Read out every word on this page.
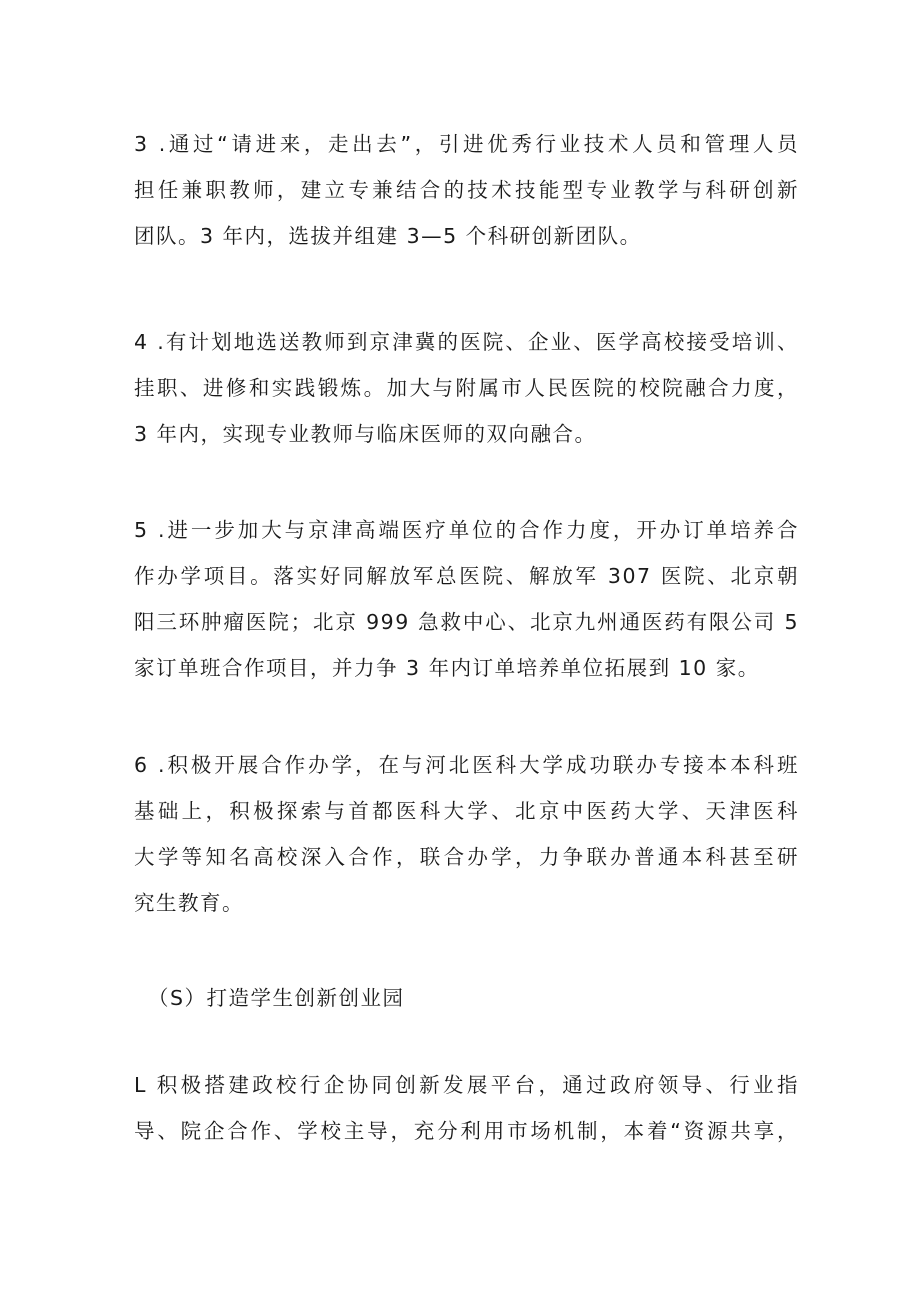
3 .通过“请进来，走出去”，引进优秀行业技术人员和管理人员
担任兼职教师，建立专兼结合的技术技能型专业教学与科研创新
团队。3 年内，选拔并组建 3—5 个科研创新团队。

4 .有计划地选送教师到京津冀的医院、企业、医学高校接受培训、
挂职、进修和实践锻炼。加大与附属市人民医院的校院融合力度，
3 年内，实现专业教师与临床医师的双向融合。

5 .进一步加大与京津高端医疗单位的合作力度，开办订单培养合
作办学项目。落实好同解放军总医院、解放军 307 医院、北京朝
阳三环肿瘤医院；北京 999 急救中心、北京九州通医药有限公司 5
家订单班合作项目，并力争 3 年内订单培养单位拓展到 10 家。

6 .积极开展合作办学，在与河北医科大学成功联办专接本本科班
基础上，积极探索与首都医科大学、北京中医药大学、天津医科
大学等知名高校深入合作，联合办学，力争联办普通本科甚至研
究生教育。

（S）打造学生创新创业园

L 积极搭建政校行企协同创新发展平台，通过政府领导、行业指
导、院企合作、学校主导，充分利用市场机制，本着“资源共享，
